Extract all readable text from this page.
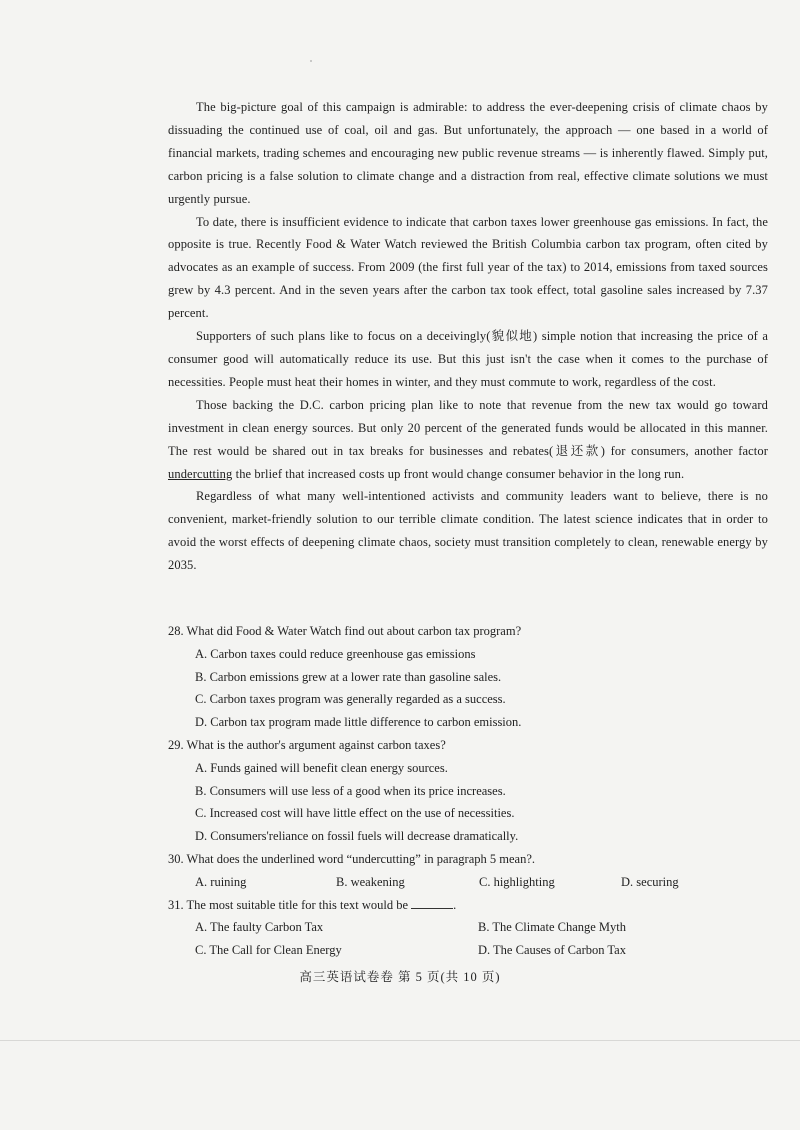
The big-picture goal of this campaign is admirable: to address the ever-deepening crisis of climate chaos by dissuading the continued use of coal, oil and gas. But unfortunately, the approach — one based in a world of financial markets, trading schemes and encouraging new public revenue streams — is inherently flawed. Simply put, carbon pricing is a false solution to climate change and a distraction from real, effective climate solutions we must urgently pursue.

To date, there is insufficient evidence to indicate that carbon taxes lower greenhouse gas emissions. In fact, the opposite is true. Recently Food & Water Watch reviewed the British Columbia carbon tax program, often cited by advocates as an example of success. From 2009 (the first full year of the tax) to 2014, emissions from taxed sources grew by 4.3 percent. And in the seven years after the carbon tax took effect, total gasoline sales increased by 7.37 percent.

Supporters of such plans like to focus on a deceivingly(貌似地) simple notion that increasing the price of a consumer good will automatically reduce its use. But this just isn't the case when it comes to the purchase of necessities. People must heat their homes in winter, and they must commute to work, regardless of the cost.

Those backing the D.C. carbon pricing plan like to note that revenue from the new tax would go toward investment in clean energy sources. But only 20 percent of the generated funds would be allocated in this manner. The rest would be shared out in tax breaks for businesses and rebates(退还款) for consumers, another factor undercutting the brlief that increased costs up front would change consumer behavior in the long run.

Regardless of what many well-intentioned activists and community leaders want to believe, there is no convenient, market-friendly solution to our terrible climate condition. The latest science indicates that in order to avoid the worst effects of deepening climate chaos, society must transition completely to clean, renewable energy by 2035.

28. What did Food & Water Watch find out about carbon tax program?

A. Carbon taxes could reduce greenhouse gas emissions

B. Carbon emissions grew at a lower rate than gasoline sales.

C. Carbon taxes program was generally regarded as a success.

D. Carbon tax program made little difference to carbon emission.

29. What is the author's argument against carbon taxes?

A. Funds gained will benefit clean energy sources.

B. Consumers will use less of a good when its price increases.

C. Increased cost will have little effect on the use of necessities.

D. Consumers'reliance on fossil fuels will decrease dramatically.

30. What does the underlined word “undercutting” in paragraph 5 mean?.

A. ruining	B. weakening	C. highlighting	D. securing

31. The most suitable title for this text would be	.

A. The faulty Carbon Tax	B. The Climate Change Myth
C. The Call for Clean Energy	D. The Causes of Carbon Tax
高三英语试卷卷 第 5 页(共 10 页)
